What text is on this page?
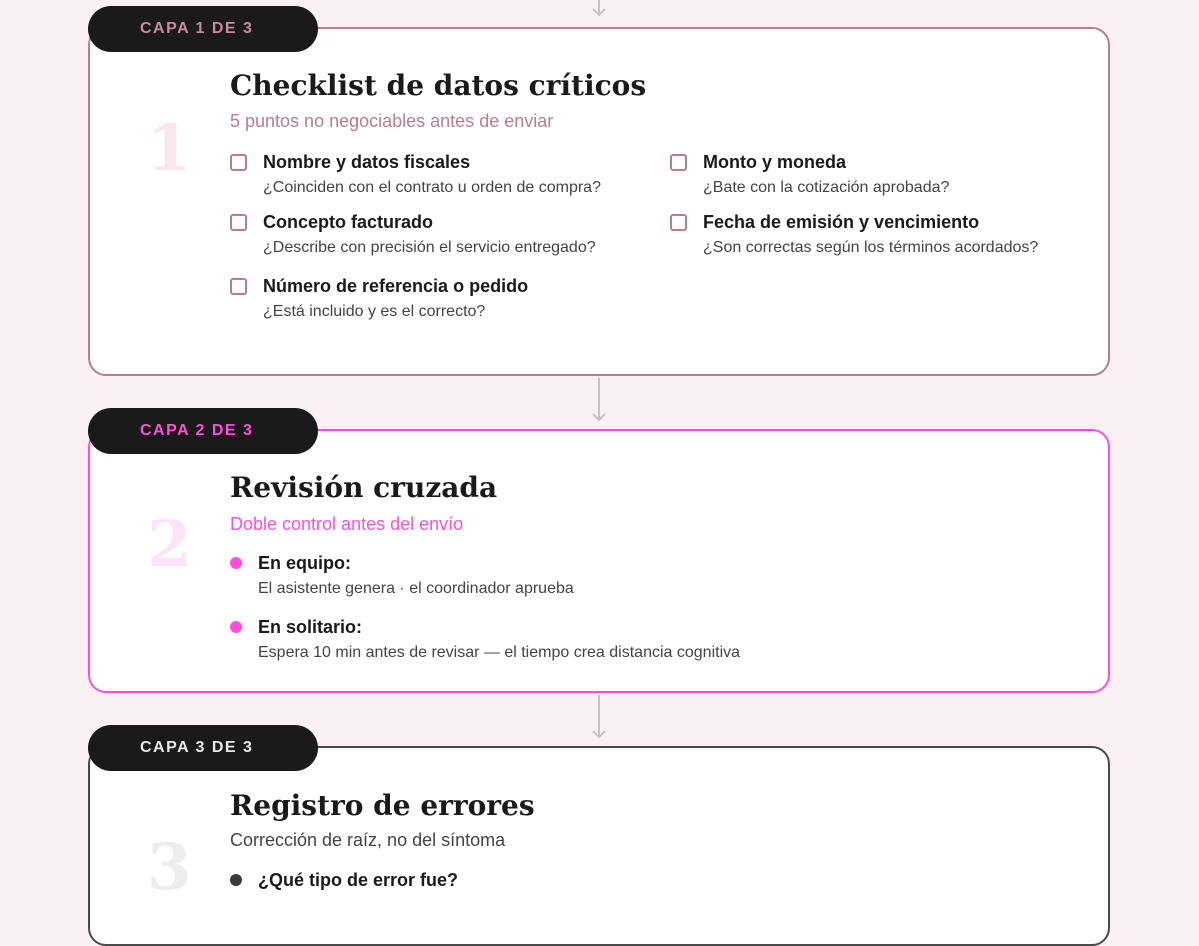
1
Checklist de datos críticos
5 puntos no negociables antes de enviar
Nombre y datos fiscales
¿Coinciden con el contrato u orden de compra?
Monto y moneda
¿Bate con la cotización aprobada?
Concepto facturado
¿Describe con precisión el servicio entregado?
Fecha de emisión y vencimiento
¿Son correctas según los términos acordados?
Número de referencia o pedido
¿Está incluido y es el correcto?
CAPA 1 DE 3
2
Revisión cruzada
Doble control antes del envío
En equipo:
El asistente genera · el coordinador aprueba
En solitario:
Espera 10 min antes de revisar — el tiempo crea distancia cognitiva
CAPA 2 DE 3
3
Registro de errores
Corrección de raíz, no del síntoma
¿Qué tipo de error fue?
CAPA 3 DE 3
